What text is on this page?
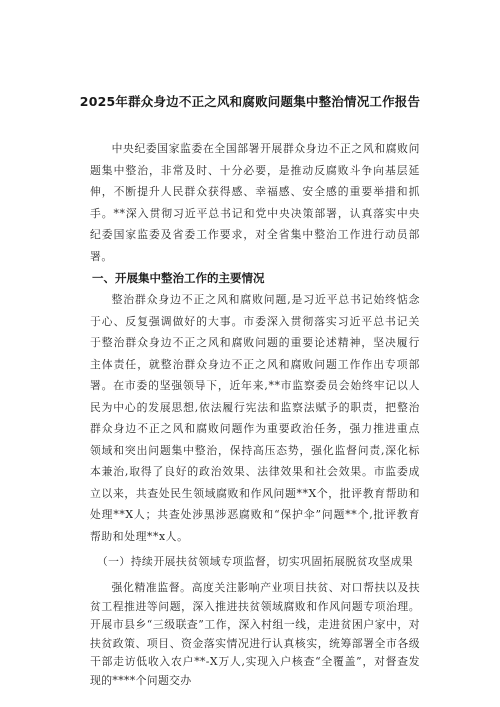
2025年群众身边不正之风和腐败问题集中整治情况工作报告

中央纪委国家监委在全国部署开展群众身边不正之风和腐败问题集中整治，非常及时、十分必要，是推动反腐败斗争向基层延伸，不断提升人民群众获得感、幸福感、安全感的重要举措和抓手。**深入贯彻习近平总书记和党中央决策部署，认真落实中央纪委国家监委及省委工作要求，对全省集中整治工作进行动员部署。

一、开展集中整治工作的主要情况

整治群众身边不正之风和腐败问题,是习近平总书记始终惦念于心、反复强调做好的大事。市委深入贯彻落实习近平总书记关于整治群众身边不正之风和腐败问题的重要论述精神，坚决履行主体责任，就整治群众身边不正之风和腐败问题工作作出专项部署。在市委的坚强领导下，近年来,**市监察委员会始终牢记以人民为中心的发展思想,依法履行宪法和监察法赋予的职责，把整治群众身边不正之风和腐败问题作为重要政治任务，强力推进重点领域和突出问题集中整治，保持高压态势，强化监督问责,深化标本兼治,取得了良好的政治效果、法律效果和社会效果。市监委成立以来，共查处民生领域腐败和作风问题**X个，批评教育帮助和处理**X人；共查处涉黑涉恶腐败和“保护伞”问题**个,批评教育帮助和处理**x人。

（一）持续开展扶贫领域专项监督，切实巩固拓展脱贫攻坚成果

强化精准监督。高度关注影响产业项目扶贫、对口帮扶以及扶贫工程推进等问题，深入推进扶贫领域腐败和作风问题专项治理。开展市县乡“三级联查”工作，深入村组一线，走进贫困户家中，对扶贫政策、项目、资金落实情况进行认真核实，统筹部署全市各级干部走访低收入农户**-X万人,实现入户核查“全覆盖”，对督查发现的****个问题交办
